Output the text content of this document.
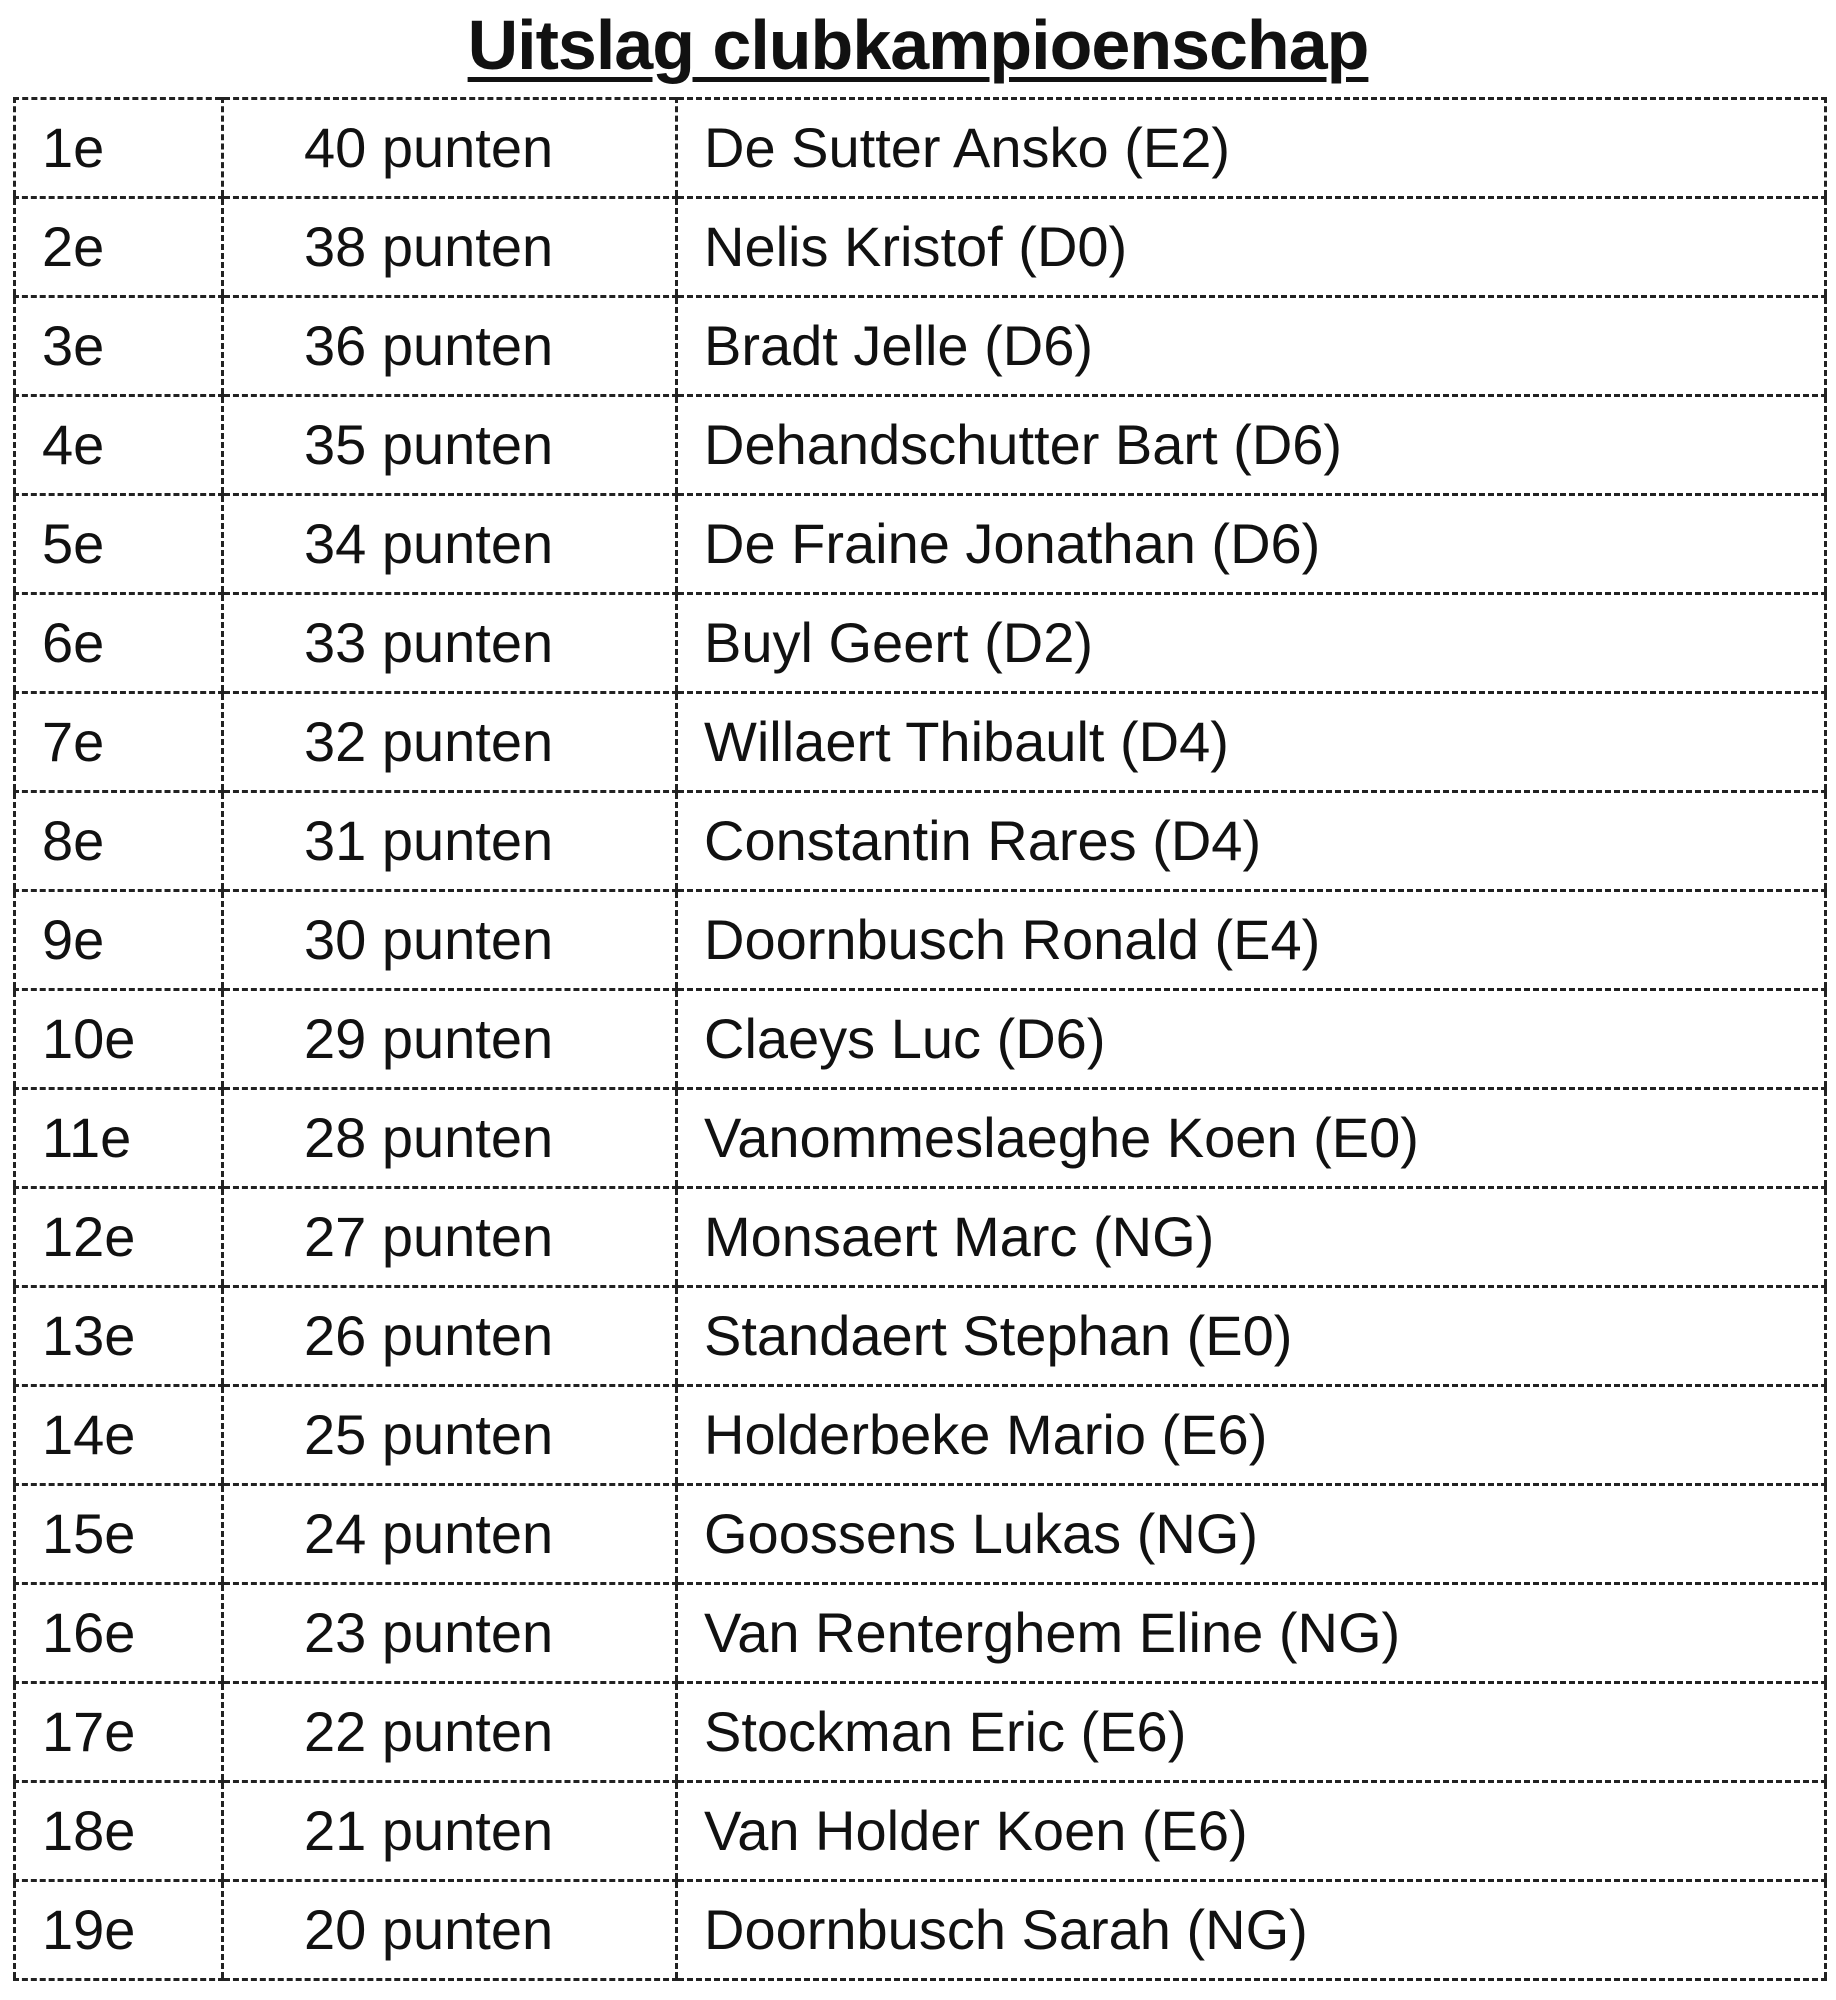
Uitslag clubkampioenschap
1e	40 punten	De Sutter Ansko (E2)
2e	38 punten	Nelis Kristof (D0)
3e	36 punten	Bradt Jelle (D6)
4e	35 punten	Dehandschutter Bart (D6)
5e	34 punten	De Fraine Jonathan (D6)
6e	33 punten	Buyl Geert (D2)
7e	32 punten	Willaert Thibault (D4)
8e	31 punten	Constantin Rares (D4)
9e	30 punten	Doornbusch Ronald (E4)
10e	29 punten	Claeys Luc (D6)
11e	28 punten	Vanommeslaeghe Koen (E0)
12e	27 punten	Monsaert Marc (NG)
13e	26 punten	Standaert Stephan (E0)
14e	25 punten	Holderbeke Mario (E6)
15e	24 punten	Goossens Lukas (NG)
16e	23 punten	Van Renterghem Eline (NG)
17e	22 punten	Stockman Eric (E6)
18e	21 punten	Van Holder Koen (E6)
19e	20 punten	Doornbusch Sarah (NG)
